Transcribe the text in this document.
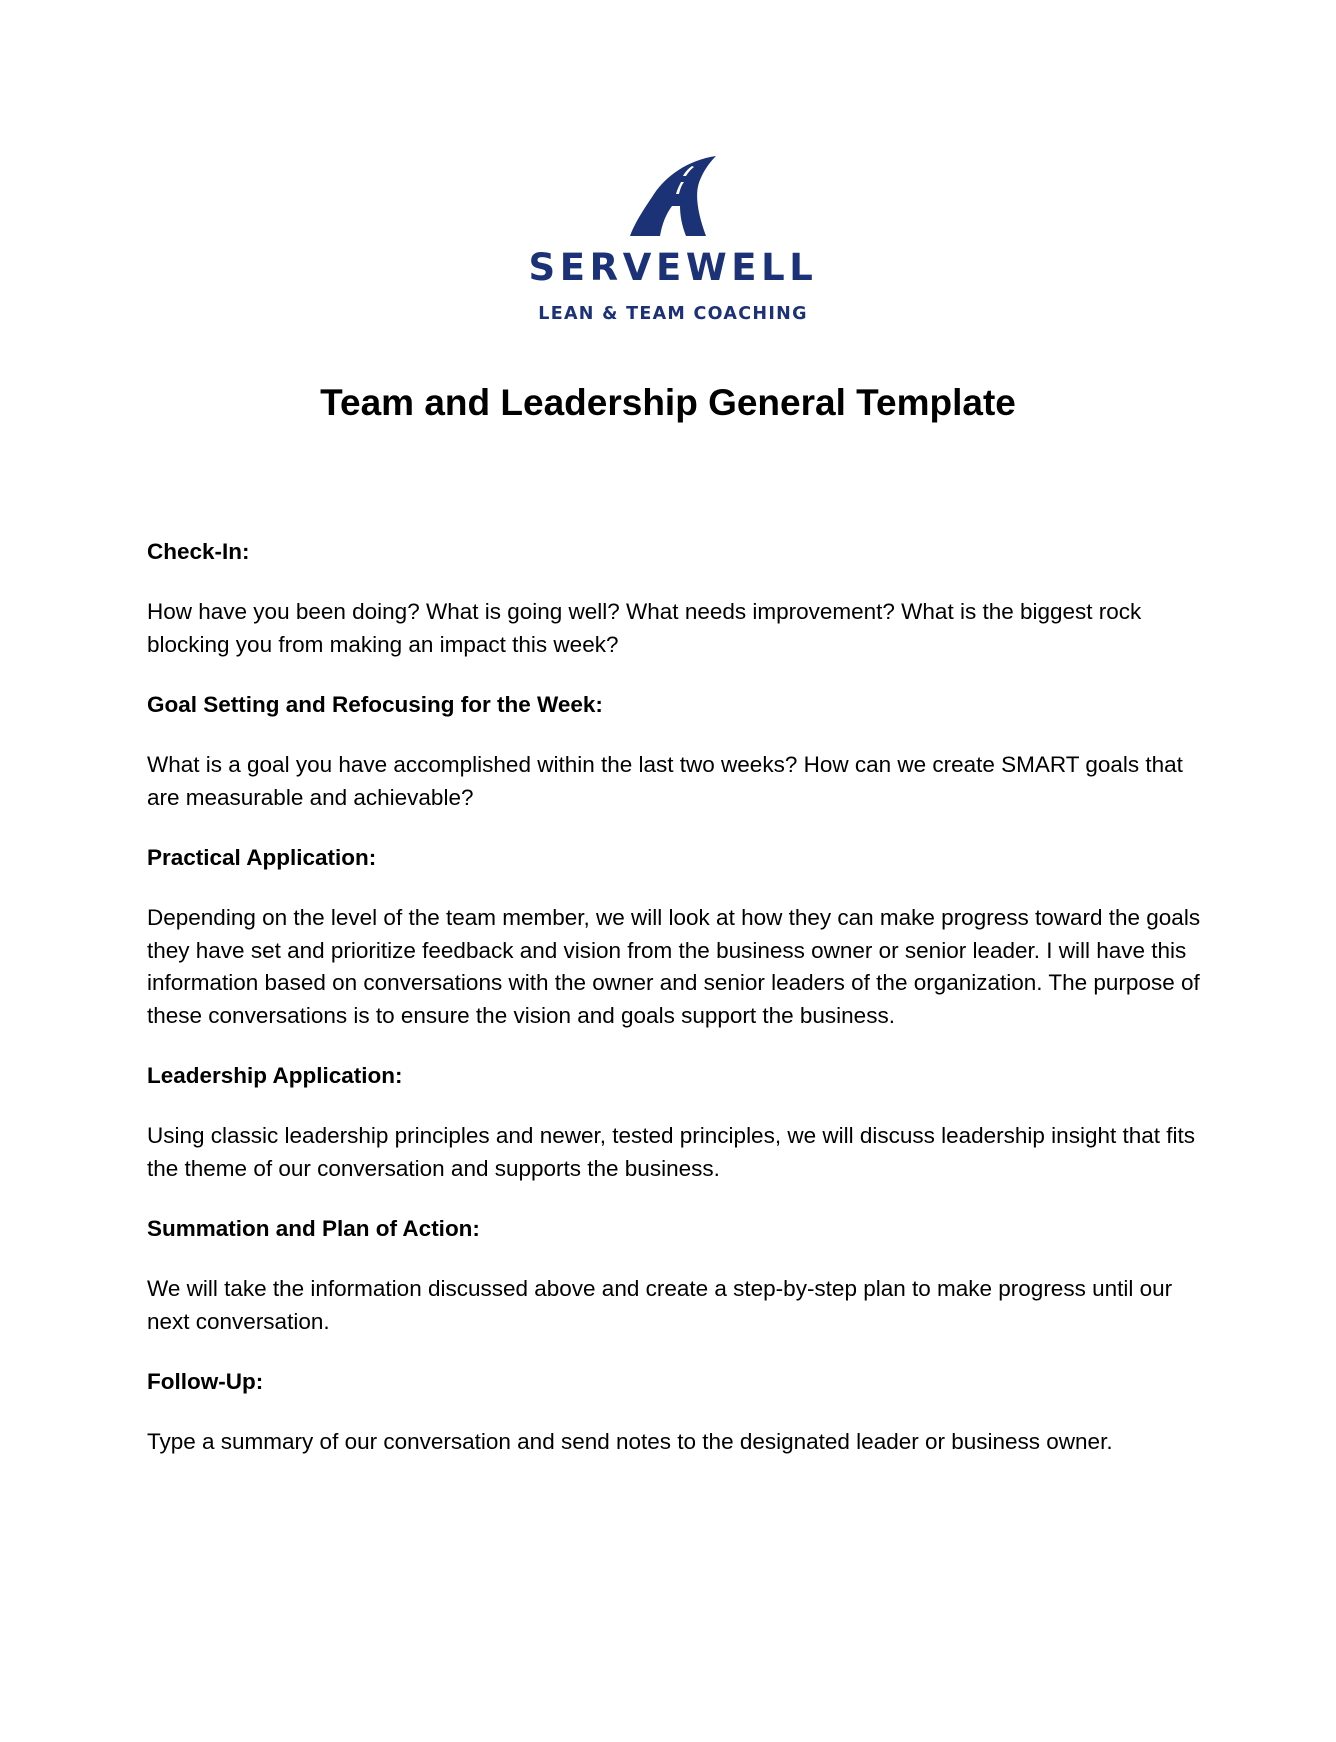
SERVEWELL
LEAN & TEAM COACHING
Team and Leadership General Template

Check-In:

How have you been doing? What is going well? What needs improvement? What is the biggest rock blocking you from making an impact this week?

Goal Setting and Refocusing for the Week:

What is a goal you have accomplished within the last two weeks? How can we create SMART goals that are measurable and achievable?

Practical Application:

Depending on the level of the team member, we will look at how they can make progress toward the goals they have set and prioritize feedback and vision from the business owner or senior leader. I will have this information based on conversations with the owner and senior leaders of the organization. The purpose of these conversations is to ensure the vision and goals support the business.

Leadership Application:

Using classic leadership principles and newer, tested principles, we will discuss leadership insight that fits the theme of our conversation and supports the business.

Summation and Plan of Action:

We will take the information discussed above and create a step-by-step plan to make progress until our next conversation.

Follow-Up:

Type a summary of our conversation and send notes to the designated leader or business owner.
